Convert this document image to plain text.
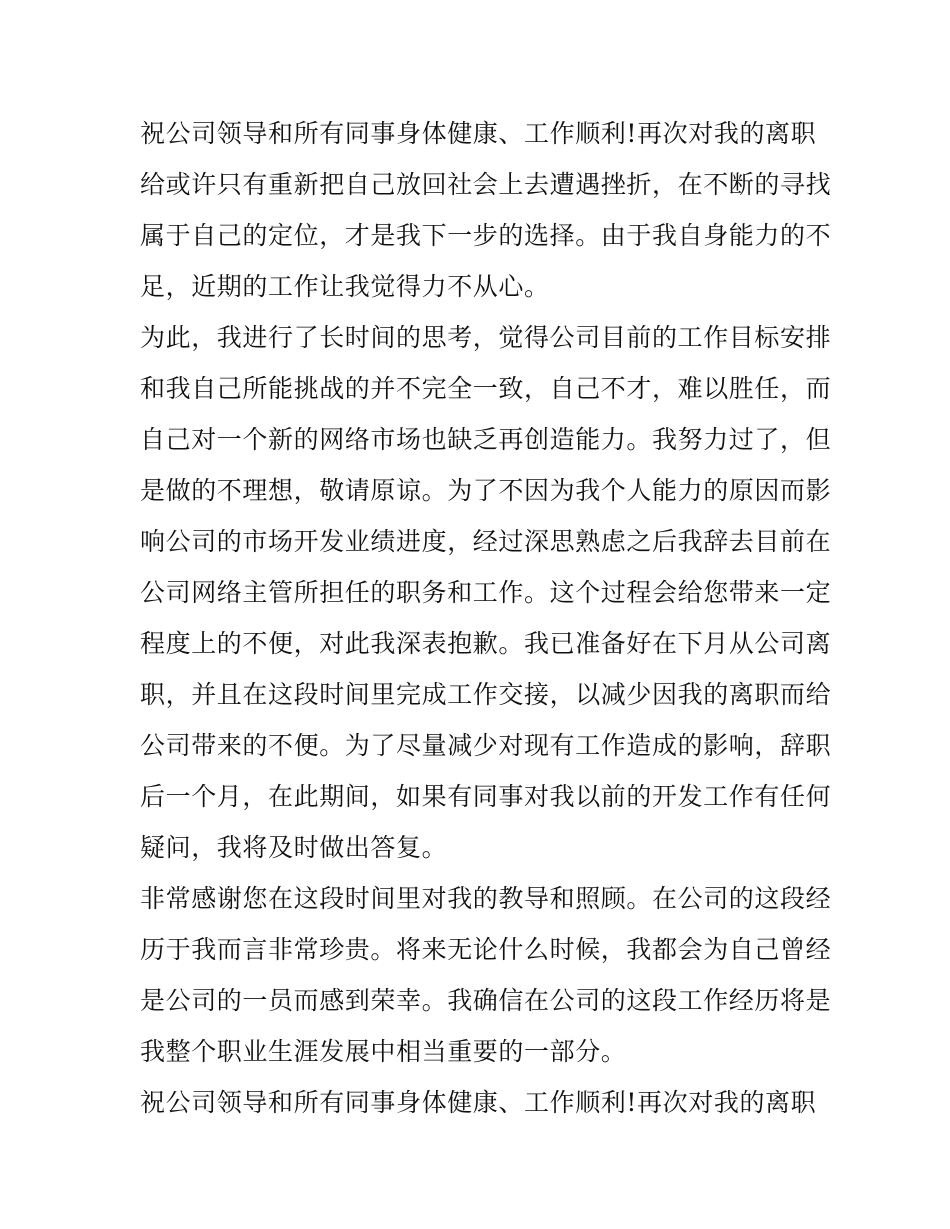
祝公司领导和所有同事身体健康、工作顺利!再次对我的离职
给或许只有重新把自己放回社会上去遭遇挫折，在不断的寻找
属于自己的定位，才是我下一步的选择。由于我自身能力的不
足，近期的工作让我觉得力不从心。
为此，我进行了长时间的思考，觉得公司目前的工作目标安排
和我自己所能挑战的并不完全一致，自己不才，难以胜任，而
自己对一个新的网络市场也缺乏再创造能力。我努力过了，但
是做的不理想，敬请原谅。为了不因为我个人能力的原因而影
响公司的市场开发业绩进度，经过深思熟虑之后我辞去目前在
公司网络主管所担任的职务和工作。这个过程会给您带来一定
程度上的不便，对此我深表抱歉。我已准备好在下月从公司离
职，并且在这段时间里完成工作交接，以减少因我的离职而给
公司带来的不便。为了尽量减少对现有工作造成的影响，辞职
后一个月，在此期间，如果有同事对我以前的开发工作有任何
疑问，我将及时做出答复。
非常感谢您在这段时间里对我的教导和照顾。在公司的这段经
历于我而言非常珍贵。将来无论什么时候，我都会为自己曾经
是公司的一员而感到荣幸。我确信在公司的这段工作经历将是
我整个职业生涯发展中相当重要的一部分。
祝公司领导和所有同事身体健康、工作顺利!再次对我的离职
